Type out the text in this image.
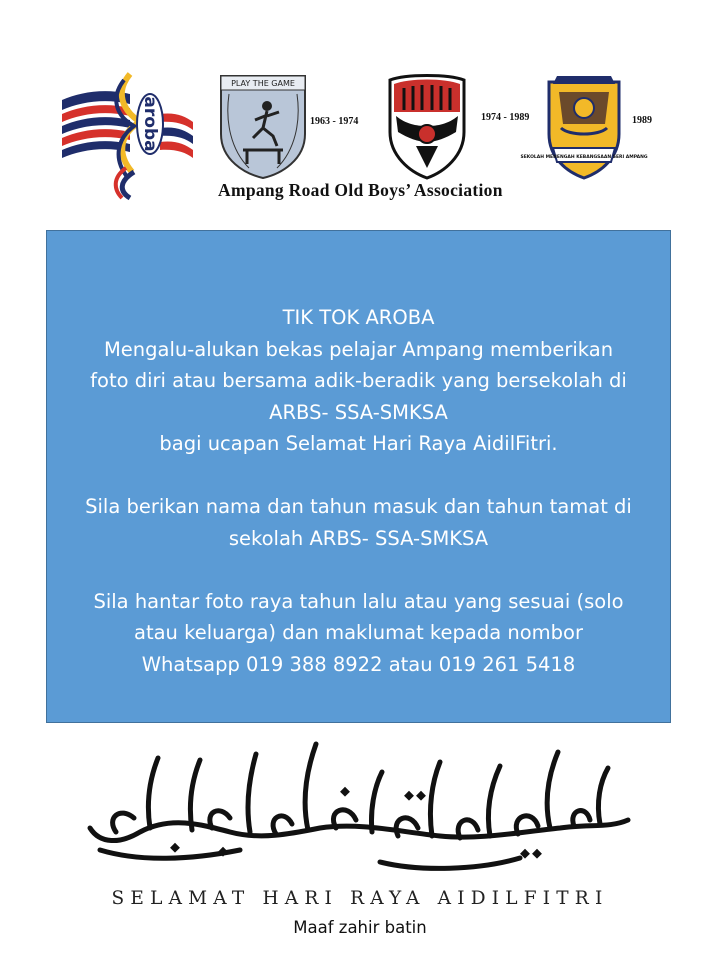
aroba
PLAY THE GAME
1963 - 1974	1974 - 1989
SEKOLAH MENENGAH KEBANGSAAN SERI AMPANG
1989
Ampang Road Old Boys’ Association
TIK TOK AROBA
Mengalu-alukan bekas pelajar Ampang memberikan
foto diri atau bersama adik-beradik yang bersekolah di
ARBS- SSA-SMKSA
bagi ucapan Selamat Hari Raya AidilFitri.

Sila berikan nama dan tahun masuk dan tahun tamat di
sekolah ARBS- SSA-SMKSA

Sila hantar foto raya tahun lalu atau yang sesuai (solo
atau keluarga) dan maklumat kepada nombor
Whatsapp 019 388 8922 atau 019 261 5418
SELAMAT HARI RAYA AIDILFITRI
Maaf zahir batin
